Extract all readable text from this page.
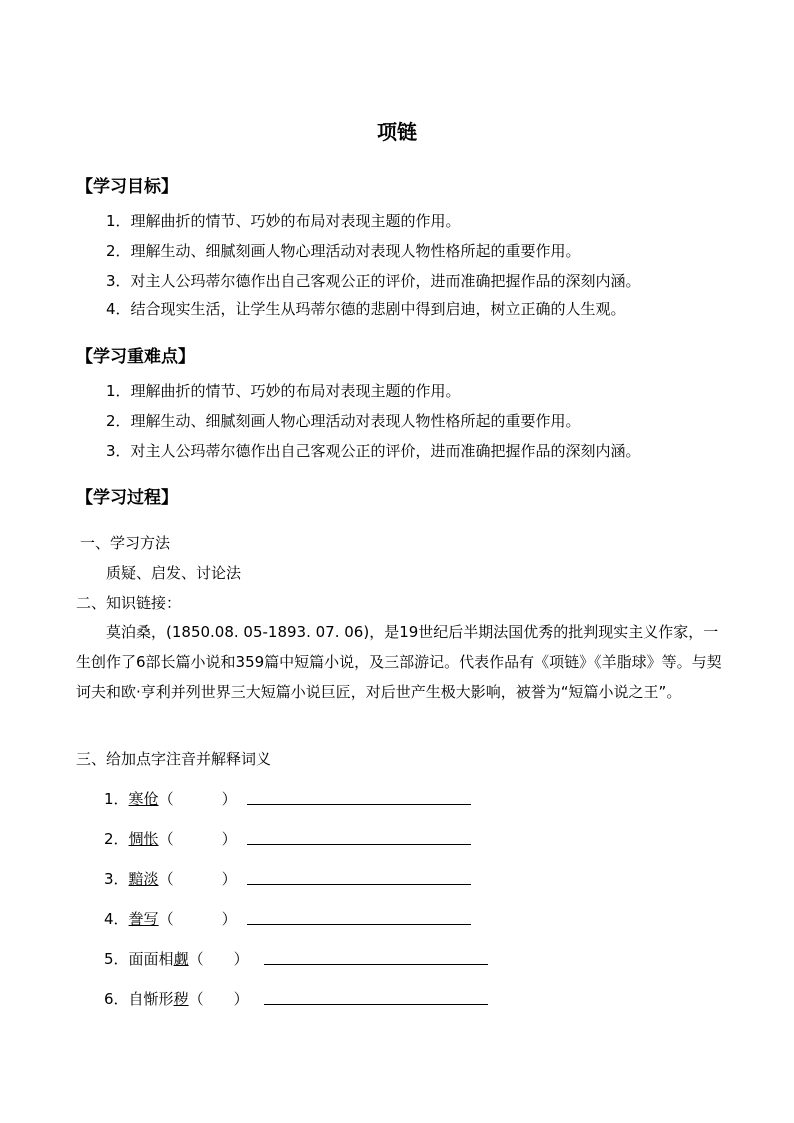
项链
【学习目标】
1．理解曲折的情节、巧妙的布局对表现主题的作用。
2．理解生动、细腻刻画人物心理活动对表现人物性格所起的重要作用。
3．对主人公玛蒂尔德作出自己客观公正的评价，进而准确把握作品的深刻内涵。
4．结合现实生活，让学生从玛蒂尔德的悲剧中得到启迪，树立正确的人生观。
【学习重难点】
1．理解曲折的情节、巧妙的布局对表现主题的作用。
2．理解生动、细腻刻画人物心理活动对表现人物性格所起的重要作用。
3．对主人公玛蒂尔德作出自己客观公正的评价，进而准确把握作品的深刻内涵。
【学习过程】
一、学习方法
质疑、启发、讨论法
二、知识链接：
莫泊桑，(1850.08. 05-1893. 07. 06)，是19世纪后半期法国优秀的批判现实主义作家，一生创作了6部长篇小说和359篇中短篇小说，及三部游记。代表作品有《项链》《羊脂球》等。与契诃夫和欧·亨利并列世界三大短篇小说巨匠，对后世产生极大影响，被誉为“短篇小说之王”。
三、给加点字注音并解释词义
1．寒伧（	）
2．惆怅（	）
3．黯淡（	）
4．誊写（	）
5．面面相觑（ ）
6．自惭形秽（ ）
